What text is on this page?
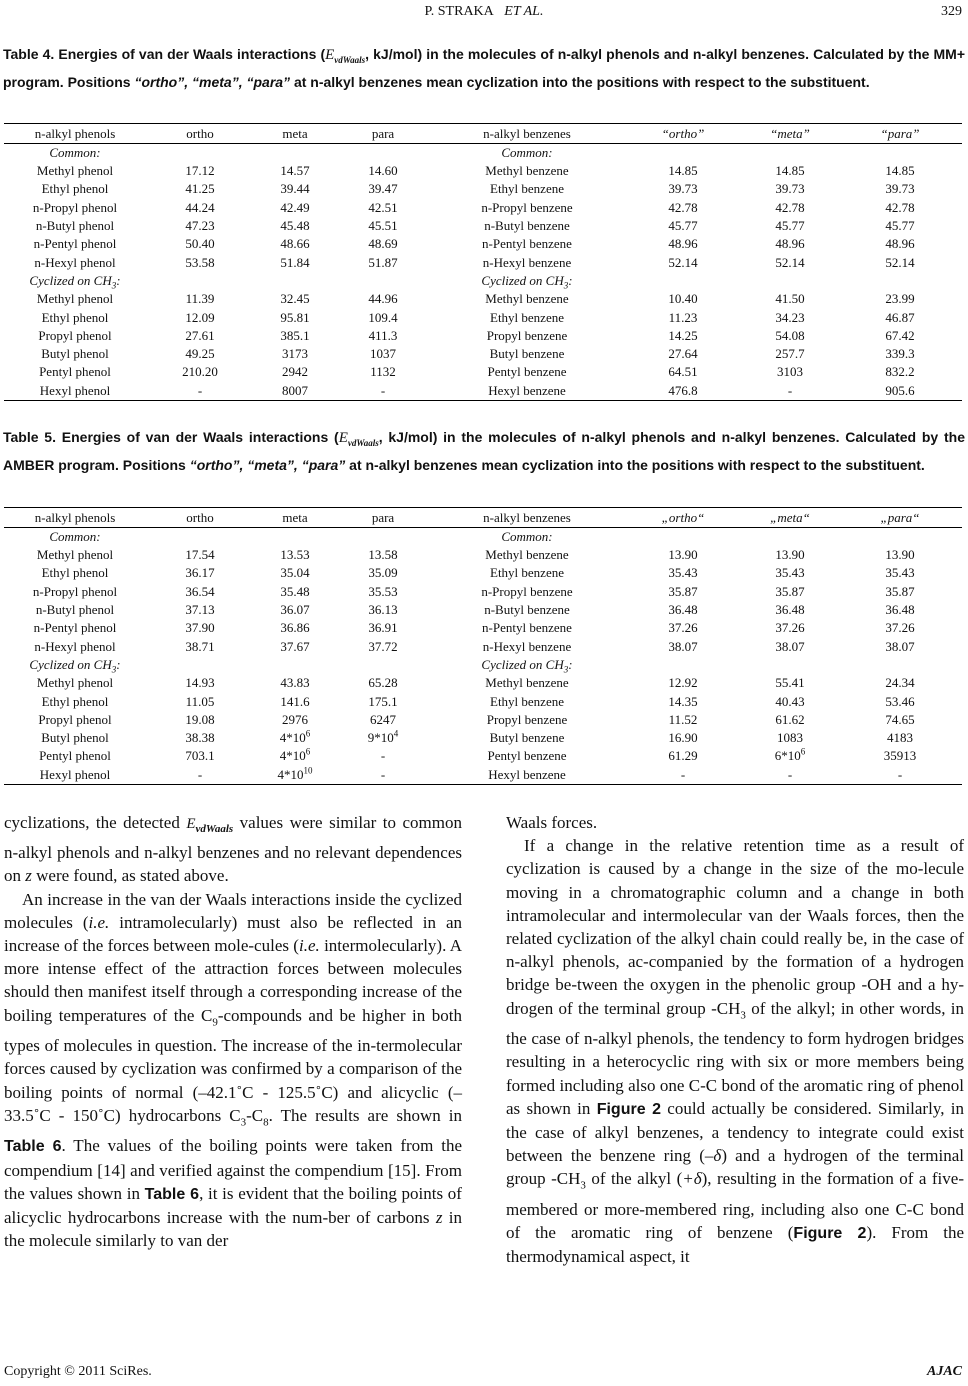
P. STRAKA ET AL.	329
Table 4. Energies of van der Waals interactions ($E_{vdWaals}$, kJ/mol) in the molecules of n-alkyl phenols and n-alkyl benzenes. Calculated by the MM+ program. Positions “ortho”, “meta”, “para” at n-alkyl benzenes mean cyclization into the positions with respect to the substituent.
n-alkyl phenols	ortho	meta	para	n-alkyl benzenes	“ortho”	“meta”	“para”
Common:				Common:			
Methyl phenol	17.12	14.57	14.60	Methyl benzene	14.85	14.85	14.85
Ethyl phenol	41.25	39.44	39.47	Ethyl benzene	39.73	39.73	39.73
n-Propyl phenol	44.24	42.49	42.51	n-Propyl benzene	42.78	42.78	42.78
n-Butyl phenol	47.23	45.48	45.51	n-Butyl benzene	45.77	45.77	45.77
n-Pentyl phenol	50.40	48.66	48.69	n-Pentyl benzene	48.96	48.96	48.96
n-Hexyl phenol	53.58	51.84	51.87	n-Hexyl benzene	52.14	52.14	52.14
Cyclized on $CH_3$:				Cyclized on $CH_3$:			
Methyl phenol	11.39	32.45	44.96	Methyl benzene	10.40	41.50	23.99
Ethyl phenol	12.09	95.81	109.4	Ethyl benzene	11.23	34.23	46.87
Propyl phenol	27.61	385.1	411.3	Propyl benzene	14.25	54.08	67.42
Butyl phenol	49.25	3173	1037	Butyl benzene	27.64	257.7	339.3
Pentyl phenol	210.20	2942	1132	Pentyl benzene	64.51	3103	832.2
Hexyl phenol	-	8007	-	Hexyl benzene	476.8	-	905.6
Table 5. Energies of van der Waals interactions ($E_{vdWaals}$, kJ/mol) in the molecules of n-alkyl phenols and n-alkyl benzenes. Calculated by the AMBER program. Positions “ortho”, “meta”, “para” at n-alkyl benzenes mean cyclization into the positions with respect to the substituent.
n-alkyl phenols	ortho	meta	para	n-alkyl benzenes	„ortho“	„meta“	„para“
Common:				Common:			
Methyl phenol	17.54	13.53	13.58	Methyl benzene	13.90	13.90	13.90
Ethyl phenol	36.17	35.04	35.09	Ethyl benzene	35.43	35.43	35.43
n-Propyl phenol	36.54	35.48	35.53	n-Propyl benzene	35.87	35.87	35.87
n-Butyl phenol	37.13	36.07	36.13	n-Butyl benzene	36.48	36.48	36.48
n-Pentyl phenol	37.90	36.86	36.91	n-Pentyl benzene	37.26	37.26	37.26
n-Hexyl phenol	38.71	37.67	37.72	n-Hexyl benzene	38.07	38.07	38.07
Cyclized on $CH_3$:				Cyclized on $CH_3$:			
Methyl phenol	14.93	43.83	65.28	Methyl benzene	12.92	55.41	24.34
Ethyl phenol	11.05	141.6	175.1	Ethyl benzene	14.35	40.43	53.46
Propyl phenol	19.08	2976	6247	Propyl benzene	11.52	61.62	74.65
Butyl phenol	38.38	$4*10^6$	$9*10^4$	Butyl benzene	16.90	1083	4183
Pentyl phenol	703.1	$4*10^6$	-	Pentyl benzene	61.29	$6*10^6$	35913
Hexyl phenol	-	$4*10^{10}$	-	Hexyl benzene	-	-	-

cyclizations, the detected $E_{vdWaals}$ values were similar to common n-alkyl phenols and n-alkyl benzenes and no relevant dependences on z were found, as stated above.

An increase in the van der Waals interactions inside the cyclized molecules (i.e. intramolecularly) must also be reflected in an increase of the forces between mole-cules (i.e. intermolecularly). A more intense effect of the attraction forces between molecules should then manifest itself through a corresponding increase of the boiling temperatures of the $C_9$-compounds and be higher in both types of molecules in question. The increase of the in-termolecular forces caused by cyclization was confirmed by a comparison of the boiling points of normal (–42.1˚C - 125.5˚C) and alicyclic (–33.5˚C - 150˚C) hydrocarbons $C_3-C_8$. The results are shown in Table 6. The values of the boiling points were taken from the compendium [14] and verified against the compendium [15]. From the values shown in Table 6, it is evident that the boiling points of alicyclic hydrocarbons increase with the num-ber of carbons z in the molecule similarly to van der

Waals forces.

If a change in the relative retention time as a result of cyclization is caused by a change in the size of the mo-lecule moving in a chromatographic column and a change in both intramolecular and intermolecular van der Waals forces, then the related cyclization of the alkyl chain could really be, in the case of n-alkyl phenols, ac-companied by the formation of a hydrogen bridge be-tween the oxygen in the phenolic group -OH and a hy-drogen of the terminal group $-CH_3$ of the alkyl; in other words, in the case of n-alkyl phenols, the tendency to form hydrogen bridges resulting in a heterocyclic ring with six or more members being formed including also one C-C bond of the aromatic ring of phenol as shown in Figure 2 could actually be considered. Similarly, in the case of alkyl benzenes, a tendency to integrate could exist between the benzene ring (–δ) and a hydrogen of the terminal group $-CH_3$ of the alkyl (+δ), resulting in the formation of a five-membered or more-membered ring, including also one C-C bond of the aromatic ring of benzene (Figure 2). From the thermodynamical aspect, it

Copyright © 2011 SciRes.	AJAC
